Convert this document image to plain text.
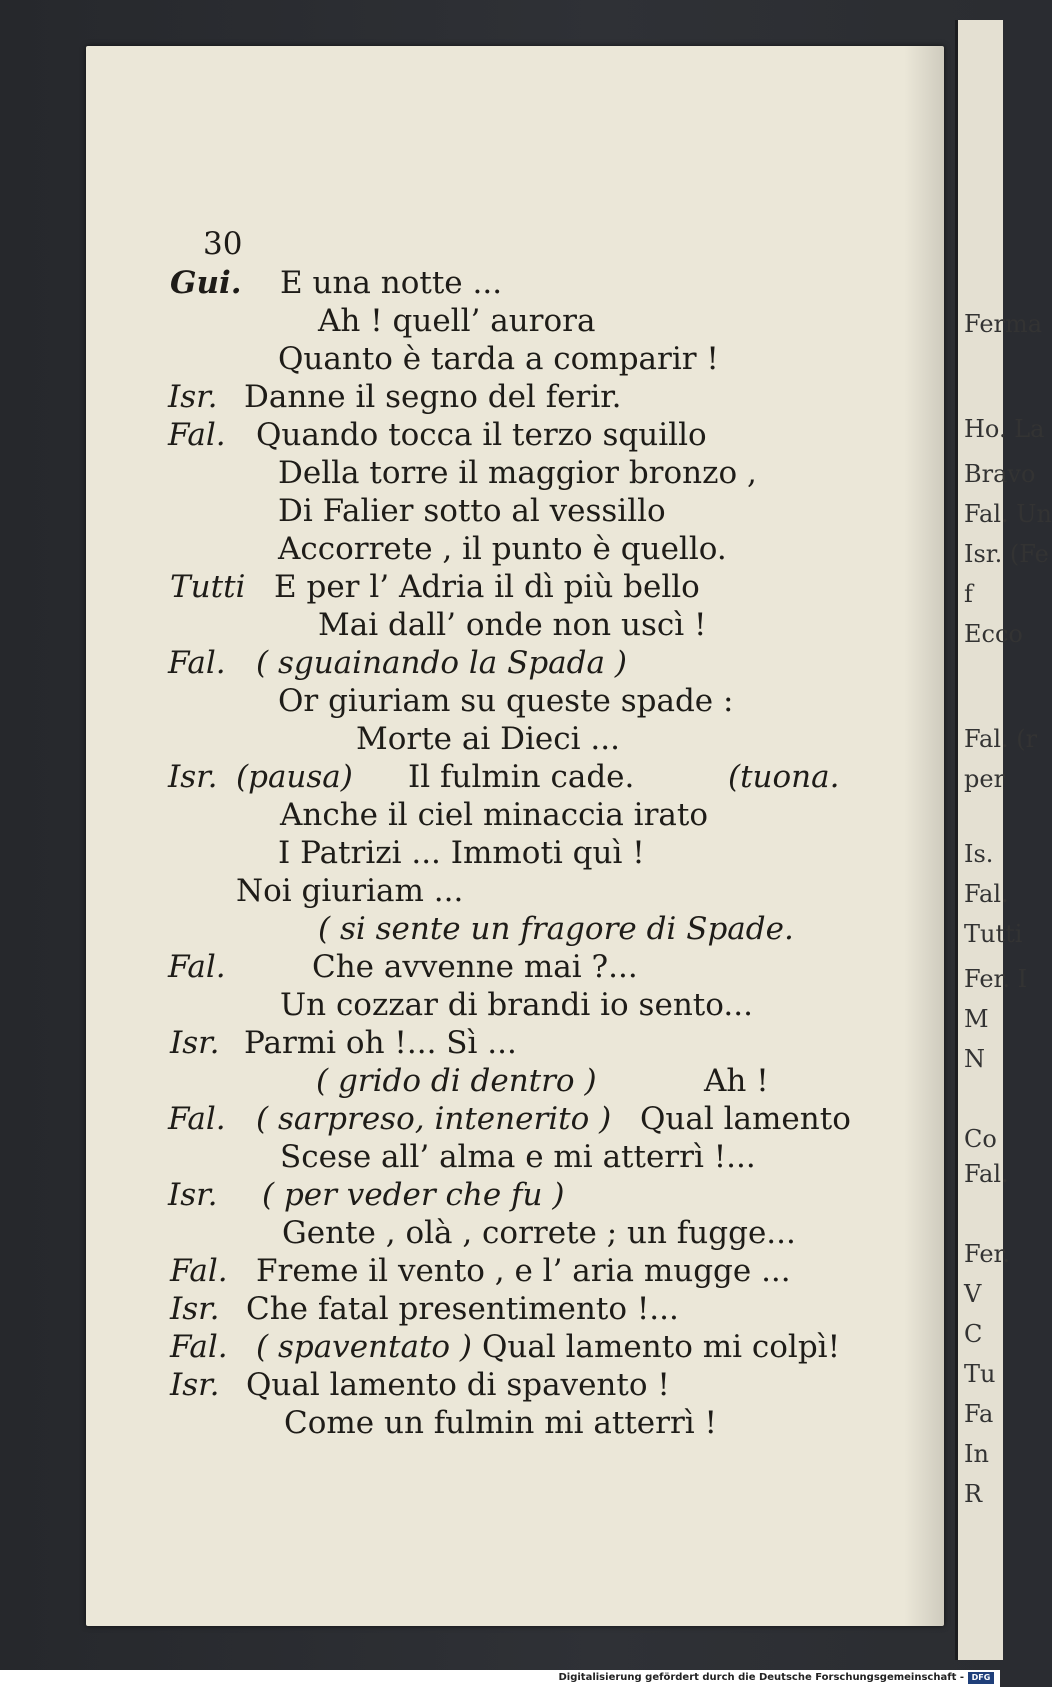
Ferma
Ho. La
Bravo
Fal. Un
Isr. (Fe
f
Ecco
Fal. (r
per
Is.
Fal.
Tutti
Fer. I
M
N
Co
Fal.
Fer.
V
C
Tu
Fa
In
R
30
Gui. E una notte ...
Ah ! quell’ aurora
Quanto è tarda a comparir !
Isr. Danne il segno del ferir.
Fal. Quando tocca il terzo squillo
Della torre il maggior bronzo ,
Di Falier sotto al vessillo
Accorrete , il punto è quello.
Tutti E per l’ Adria il dì più bello
Mai dall’ onde non uscì !
Fal. ( sguainando la Spada )
Or giuriam su queste spade :
Morte ai Dieci ...
Isr. (pausa) Il fulmin cade.	(tuona.
Anche il ciel minaccia irato
I Patrizi ... Immoti quì !
Noi giuriam ...
( si sente un fragore di Spade.
Fal.	Che avvenne mai ?...
Un cozzar di brandi io sento...
Isr. Parmi oh !... Sì ...
( grido di dentro )	Ah !
Fal. ( sarpreso, intenerito ) Qual lamento
Scese all’ alma e mi atterrì !...
Isr. ( per veder che fu )
Gente , olà , correte ; un fugge...
Fal. Freme il vento , e l’ aria mugge ...
Isr. Che fatal presentimento !...
Fal. ( spaventato ) Qual lamento mi colpì!
Isr. Qual lamento di spavento !
Come un fulmin mi atterrì !
Digitalisierung gefördert durch die Deutsche Forschungsgemeinschaft - DFG
